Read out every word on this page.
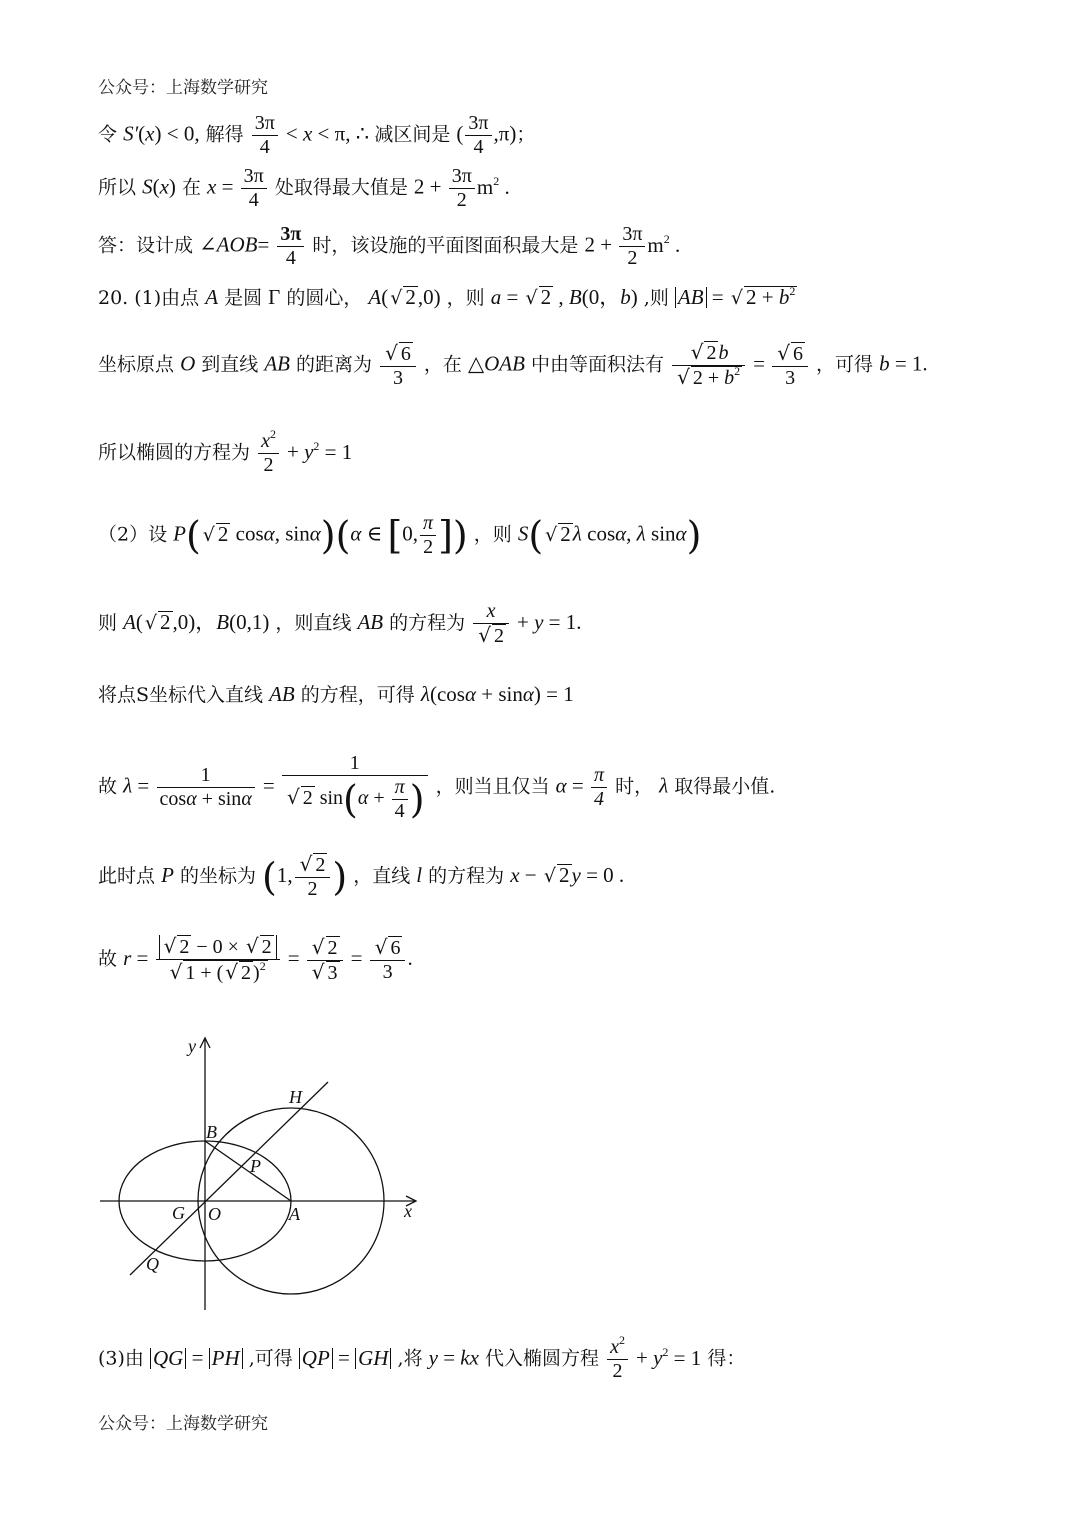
公众号：上海数学研究
令 S′(x) < 0, 解得 $\frac{3\pi}{4} < x < \pi$, ∴ 减区间是 ( $\frac{3\pi}{4} ,\pi$)；
所以 S(x) 在 $x = \frac{3\pi}{4}$ 处取得最大值是 $2 + \frac{3\pi}{2} m^2$ .
答：设计成 ∠AOB= $\frac{3\pi}{4}$ 时，该设施的平面图面积最大是 $2 + \frac{3\pi}{2} m^2$ .
20. (1)由点 A 是圆 Γ 的圆心， A( √ 2,0) ，则 a = √ 2 , B(0，b) ,则 AB = √ $2 + b^2$
坐标原点 O 到直线 AB 的距离为 $\frac{√ 6}{3}$ ，在 △OAB 中由等面积法有 $\frac{√ 2 b}{√ 2 + b^2} = \frac{√ 6}{3}$ ，可得 b = 1.
所以椭圆的方程为 $\frac{x^2}{2} + y^2 = 1$
（2）设 P( √ 2 cosα, sinα)(α ∈ [0, $\frac{\pi}{2}$ ]) ，则 S( √ 2λ cosα, λ sinα)
则 A( √ 2,0)，B(0,1) ，则直线 AB 的方程为 $\frac{x}{√ 2} + y = 1$.
将点S坐标代入直线 AB 的方程，可得 λ(cosα + sinα) = 1
故 $\lambda = \frac{1}{\cos\alpha + \sin\alpha} = \frac{1}{√ 2 \sin(\alpha + \frac{\pi}{4} )}$ ，则当且仅当 $\alpha = \frac{\pi}{4}$ 时， λ 取得最小值.
此时点 P 的坐标为 (1, $\frac{√ 2}{2}$ ) ，直线 l 的方程为 x − √ 2y = 0 .
故 $r = \frac{√ 2 - 0 \times √ 2}{√ 1 + ( √ 2 )^2} = \frac{√ 2}{√ 3} = \frac{√ 6}{3}$ .
y
x
H
B
P
G O	A
Q
(3)由 QG = PH ,可得 QP = GH ,将 y = kx 代入椭圆方程 $\frac{x^2}{2} + y^2 = 1$ 得：
公众号：上海数学研究
